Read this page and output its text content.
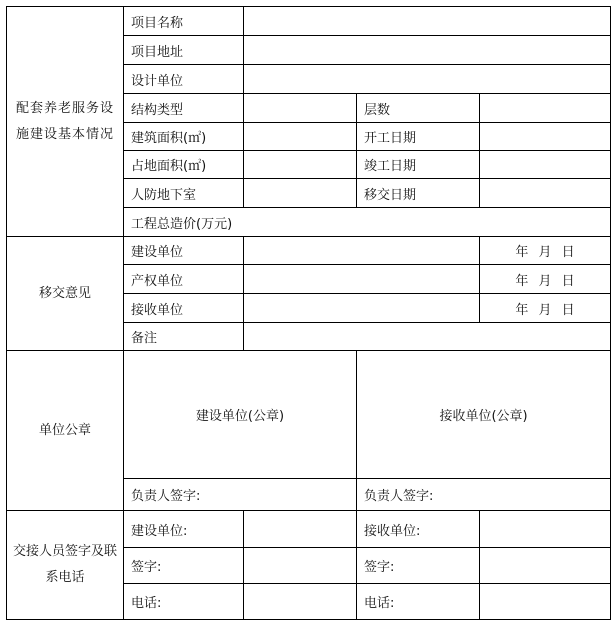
配套养老服务设施建设基本情况	项目名称			
	项目地址			
	设计单位			
	结构类型		层数	
	建筑面积(㎡)		开工日期	
	占地面积(㎡)		竣工日期	
	人防地下室		移交日期	
	工程总造价(万元)			
移交意见	建设单位			年 月 日
	产权单位			年 月 日
	接收单位			年 月 日
	备注			
单位公章	建设单位(公章)		接收单位(公章)	
	负责人签字:		负责人签字:	
交接人员签字及联系电话	建设单位:		接收单位:	
	签字:		签字:	
	电话:		电话:	
